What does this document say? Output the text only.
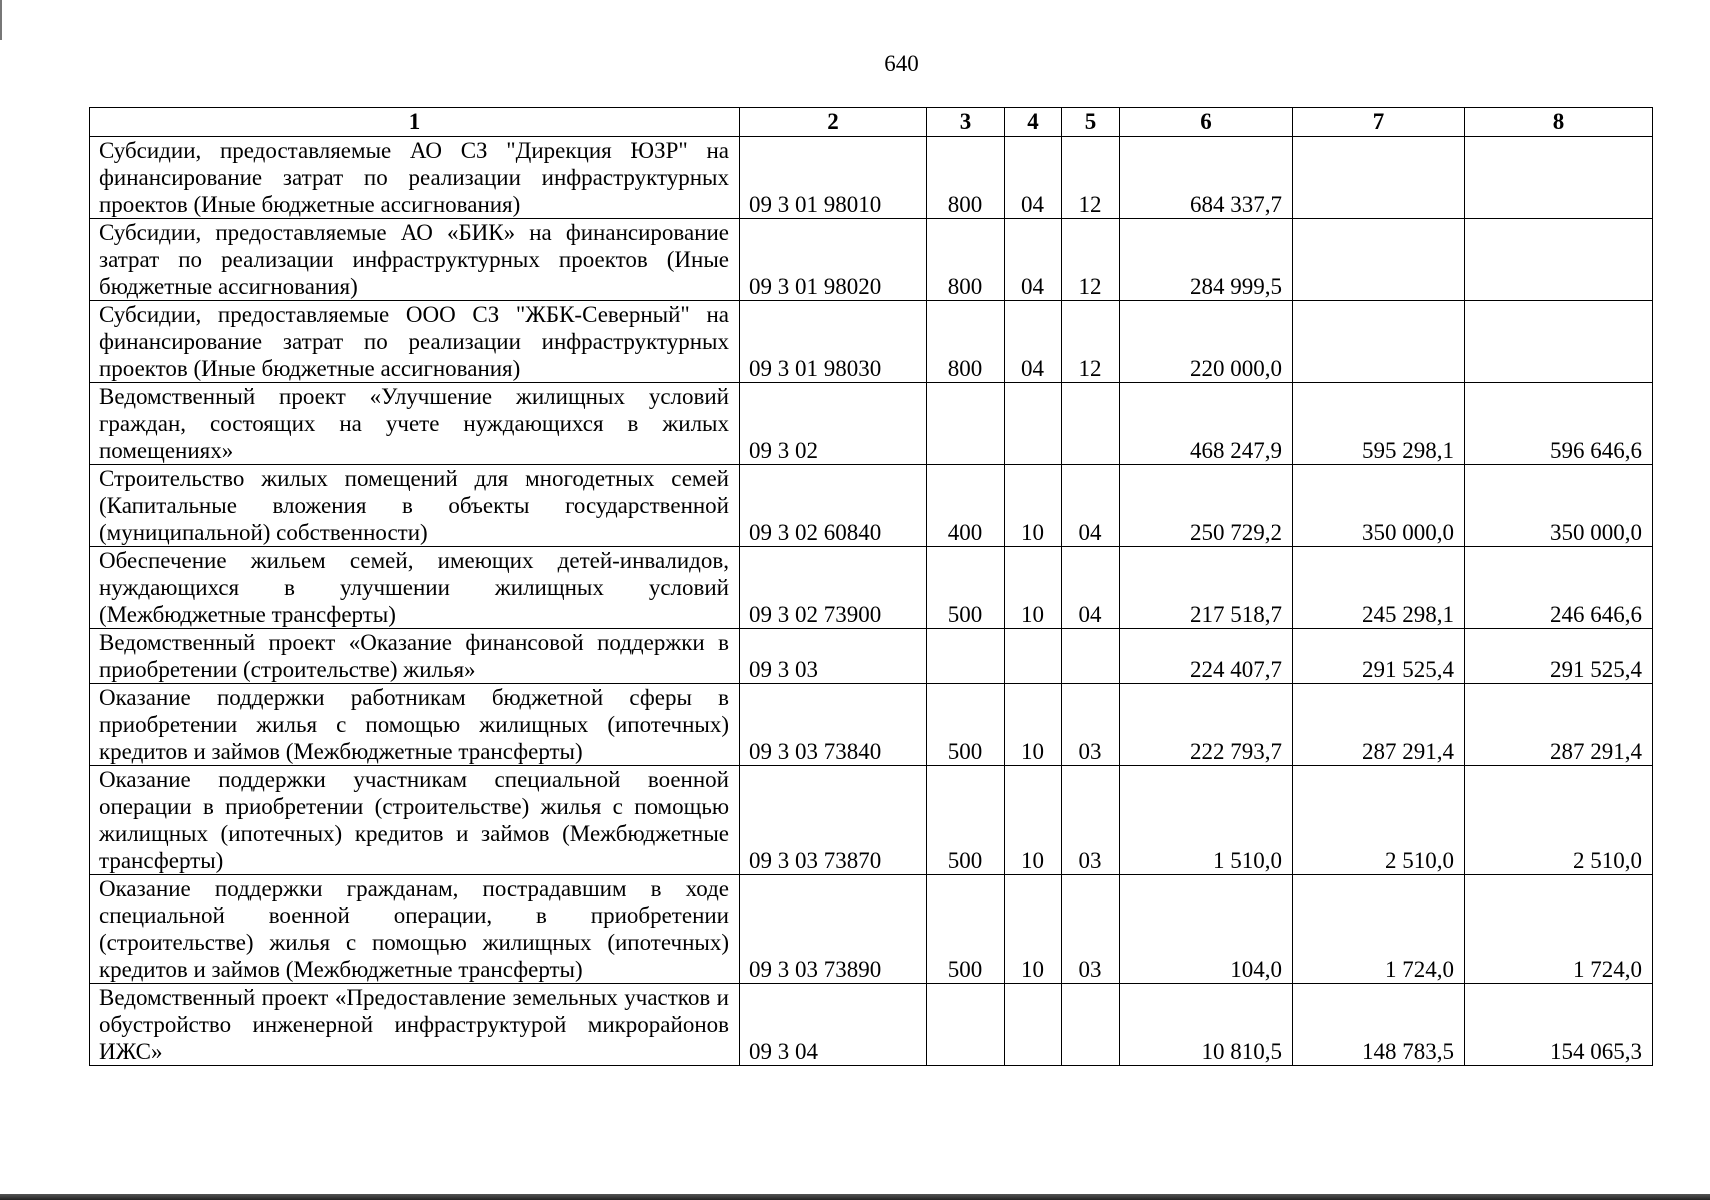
640
1	2	3	4	5	6	7	8
Субсидии, предоставляемые АО СЗ "Дирекция ЮЗР" на финансирование затрат по реализации инфраструктурных проектов (Иные бюджетные ассигнования)	09 3 01 98010	800	04	12	684 337,7		
Субсидии, предоставляемые АО «БИК» на финансирование затрат по реализации инфраструктурных проектов (Иные бюджетные ассигнования)	09 3 01 98020	800	04	12	284 999,5		
Субсидии, предоставляемые ООО СЗ "ЖБК-Северный" на финансирование затрат по реализации инфраструктурных проектов (Иные бюджетные ассигнования)	09 3 01 98030	800	04	12	220 000,0		
Ведомственный проект «Улучшение жилищных условий граждан, состоящих на учете нуждающихся в жилых помещениях»	09 3 02				468 247,9	595 298,1	596 646,6
Строительство жилых помещений для многодетных семей (Капитальные вложения в объекты государственной (муниципальной) собственности)	09 3 02 60840	400	10	04	250 729,2	350 000,0	350 000,0
Обеспечение жильем семей, имеющих детей-инвалидов, нуждающихся в улучшении жилищных условий (Межбюджетные трансферты)	09 3 02 73900	500	10	04	217 518,7	245 298,1	246 646,6
Ведомственный проект «Оказание финансовой поддержки в приобретении (строительстве) жилья»	09 3 03				224 407,7	291 525,4	291 525,4
Оказание поддержки работникам бюджетной сферы в приобретении жилья с помощью жилищных (ипотечных) кредитов и займов (Межбюджетные трансферты)	09 3 03 73840	500	10	03	222 793,7	287 291,4	287 291,4
Оказание поддержки участникам специальной военной операции в приобретении (строительстве) жилья с помощью жилищных (ипотечных) кредитов и займов (Межбюджетные трансферты)	09 3 03 73870	500	10	03	1 510,0	2 510,0	2 510,0
Оказание поддержки гражданам, пострадавшим в ходе специальной военной операции, в приобретении (строительстве) жилья с помощью жилищных (ипотечных) кредитов и займов (Межбюджетные трансферты)	09 3 03 73890	500	10	03	104,0	1 724,0	1 724,0
Ведомственный проект «Предоставление земельных участков и обустройство инженерной инфраструктурой микрорайонов ИЖС»	09 3 04				10 810,5	148 783,5	154 065,3
